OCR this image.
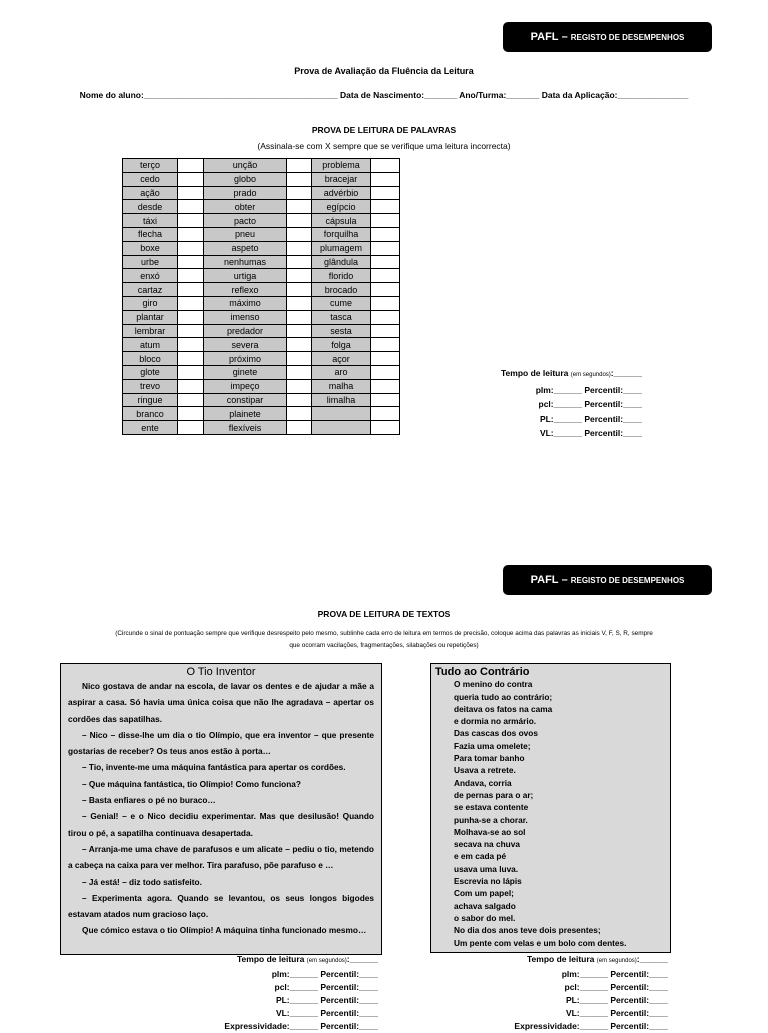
PAFL
– REGISTO DE DESEMPENHOS
Prova de Avaliação da Fluência da Leitura
Nome do aluno:_________________________________________ Data de Nascimento:_______ Ano/Turma:_______ Data da Aplicação:_______________
PROVA DE LEITURA DE PALAVRAS
(Assinala-se com X sempre que se verifique uma leitura incorrecta)
terço		unção		problema	
cedo		globo		bracejar	
ação		prado		advérbio	
desde		obter		egípcio	
táxi		pacto		cápsula	
flecha		pneu		forquilha	
boxe		aspeto		plumagem	
urbe		nenhumas		glândula	
enxó		urtiga		florido	
cartaz		reflexo		brocado	
giro		máximo		cume	
plantar		imenso		tasca	
lembrar		predador		sesta	
atum		severa		folga	
bloco		próximo		açor	
glote		ginete		aro	
trevo		impeço		malha	
ringue		constipar		limalha	
branco		plainete			
ente		flexíveis			
Tempo de leitura (em segundos):______
plm:______ Percentil:____
pcl:______ Percentil:____
PL:______ Percentil:____
VL:______ Percentil:____
PAFL
– REGISTO DE DESEMPENHOS
PROVA DE LEITURA DE TEXTOS
(Circunde o sinal de pontuação sempre que verifique desrespeito pelo mesmo, sublinhe cada erro de leitura em termos de precisão, coloque acima das palavras as iniciais V, F, S, R, sempre
que ocorram vacilações, fragmentações, silabações ou repetições)
O Tio Inventor

Nico gostava de andar na escola, de lavar os dentes e de ajudar a mãe a aspirar a casa. Só havia uma única coisa que não lhe agradava – apertar os cordões das sapatilhas.

– Nico – disse-lhe um dia o tio Olímpio, que era inventor – que presente gostarias de receber? Os teus anos estão à porta…

– Tio, invente-me uma máquina fantástica para apertar os cordões.

– Que máquina fantástica, tio Olímpio! Como funciona?

– Basta enfiares o pé no buraco…

– Genial! – e o Nico decidiu experimentar. Mas que desilusão! Quando tirou o pé, a sapatilha continuava desapertada.

– Arranja-me uma chave de parafusos e um alicate – pediu o tio, metendo a cabeça na caixa para ver melhor. Tira parafuso, põe parafuso e …

– Já está! – diz todo satisfeito.

– Experimenta agora. Quando se levantou, os seus longos bigodes estavam atados num gracioso laço.

Que cómico estava o tio Olímpio! A máquina tinha funcionado mesmo…

Tudo ao Contrário
O menino do contra
queria tudo ao contrário;
deitava os fatos na cama
e dormia no armário.
Das cascas dos ovos
Fazia uma omelete;
Para tomar banho
Usava a retrete.
Andava, corria
de pernas para o ar;
se estava contente
punha-se a chorar.
Molhava-se ao sol
secava na chuva
e em cada pé
usava uma luva.
Escrevia no lápis
Com um papel;
achava salgado
o sabor do mel.
No dia dos anos teve dois presentes;
Um pente com velas e um bolo com dentes.
Tempo de leitura (em segundos):______
plm:______ Percentil:____
pcl:______ Percentil:____
PL:______ Percentil:____
VL:______ Percentil:____
Expressividade:______ Percentil:____
Tempo de leitura (em segundos):______
plm:______ Percentil:____
pcl:______ Percentil:____
PL:______ Percentil:____
VL:______ Percentil:____
Expressividade:______ Percentil:____
